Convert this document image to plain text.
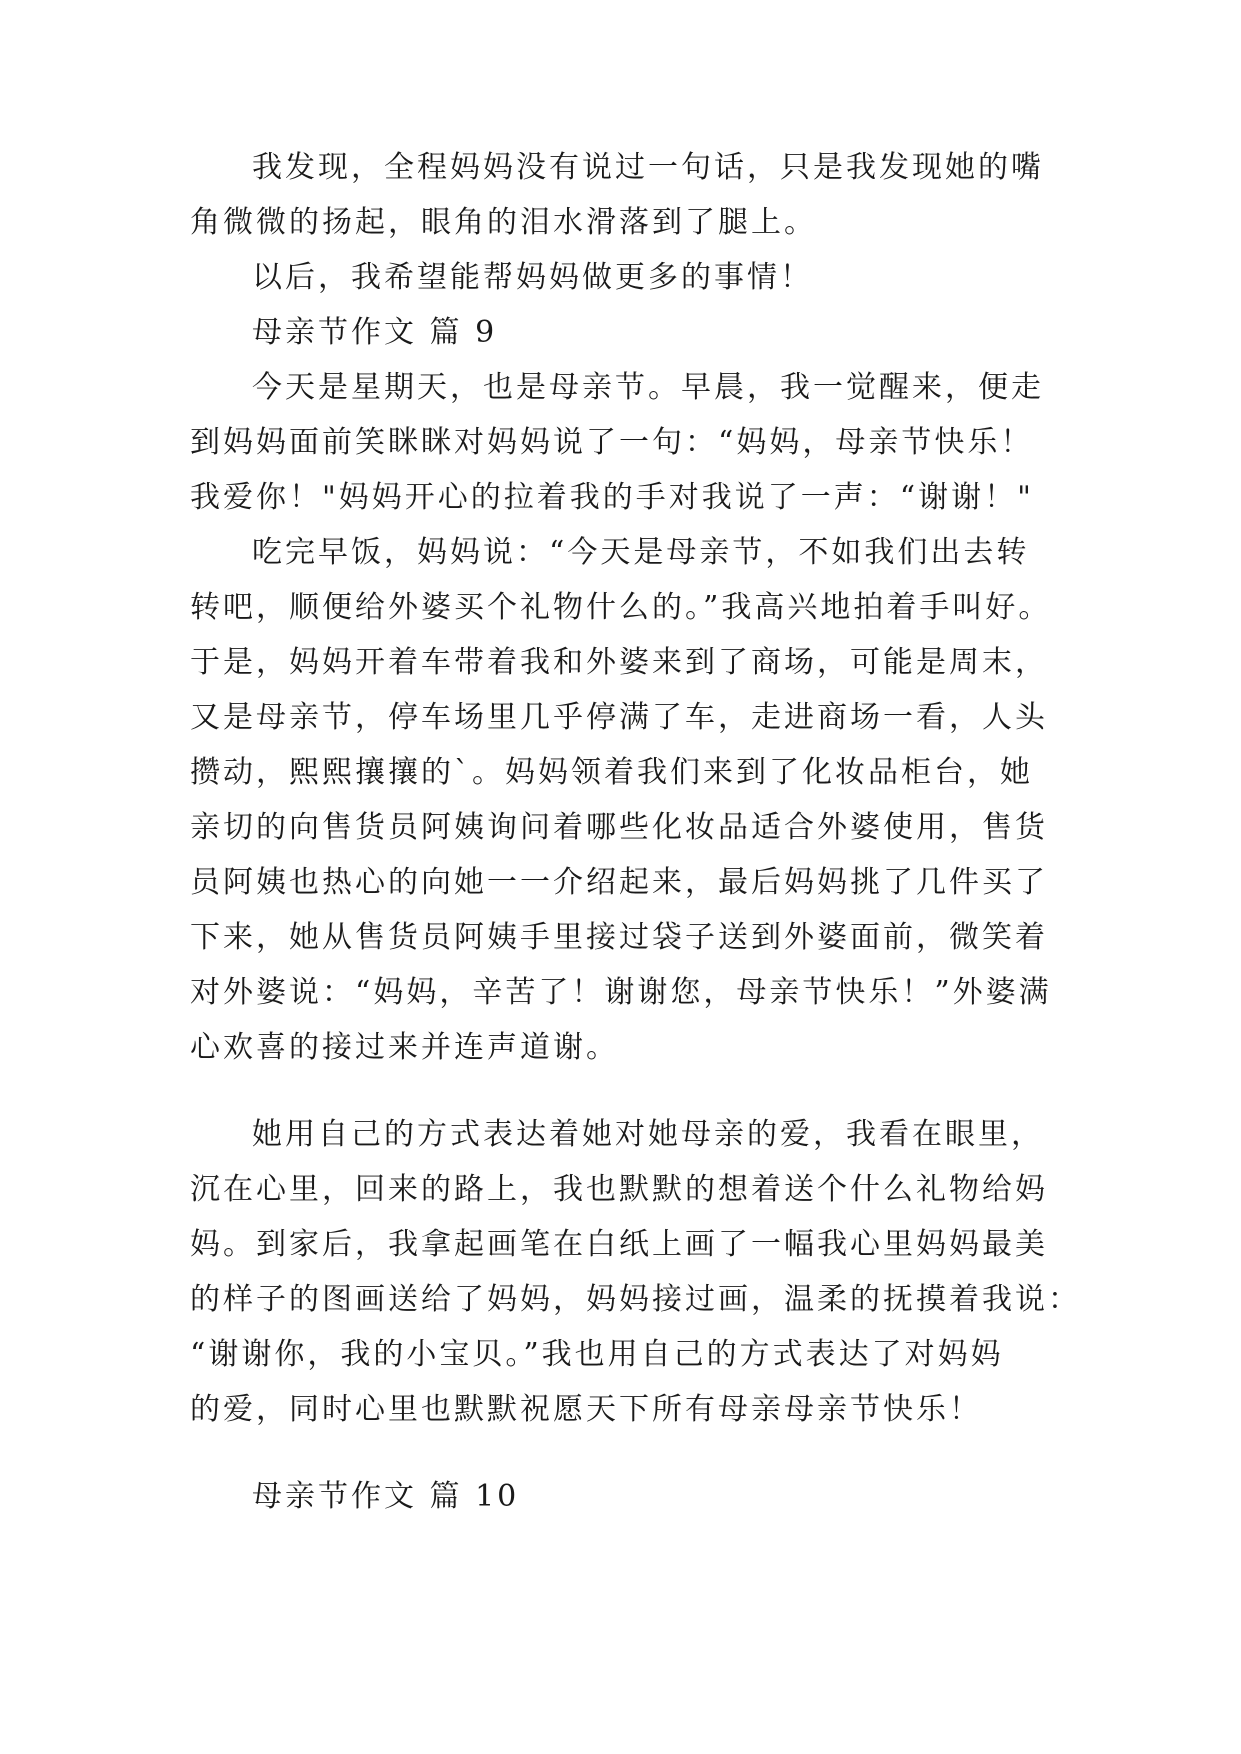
我发现，全程妈妈没有说过一句话，只是我发现她的嘴

角微微的扬起，眼角的泪水滑落到了腿上。

以后，我希望能帮妈妈做更多的事情！

母亲节作文 篇 9

今天是星期天，也是母亲节。早晨，我一觉醒来，便走

到妈妈面前笑眯眯对妈妈说了一句：“妈妈，母亲节快乐！

我爱你！"妈妈开心的拉着我的手对我说了一声：“谢谢！"

吃完早饭，妈妈说：“今天是母亲节，不如我们出去转

转吧，顺便给外婆买个礼物什么的。”我高兴地拍着手叫好。

于是，妈妈开着车带着我和外婆来到了商场，可能是周末，

又是母亲节，停车场里几乎停满了车，走进商场一看，人头

攒动，熙熙攘攘的`。妈妈领着我们来到了化妆品柜台，她

亲切的向售货员阿姨询问着哪些化妆品适合外婆使用，售货

员阿姨也热心的向她一一介绍起来，最后妈妈挑了几件买了

下来，她从售货员阿姨手里接过袋子送到外婆面前，微笑着

对外婆说：“妈妈，辛苦了！谢谢您，母亲节快乐！”外婆满

心欢喜的接过来并连声道谢。

她用自己的方式表达着她对她母亲的爱，我看在眼里，

沉在心里，回来的路上，我也默默的想着送个什么礼物给妈

妈。到家后，我拿起画笔在白纸上画了一幅我心里妈妈最美

的样子的图画送给了妈妈，妈妈接过画，温柔的抚摸着我说：

“谢谢你，我的小宝贝。”我也用自己的方式表达了对妈妈

的爱，同时心里也默默祝愿天下所有母亲母亲节快乐！

母亲节作文 篇 10
